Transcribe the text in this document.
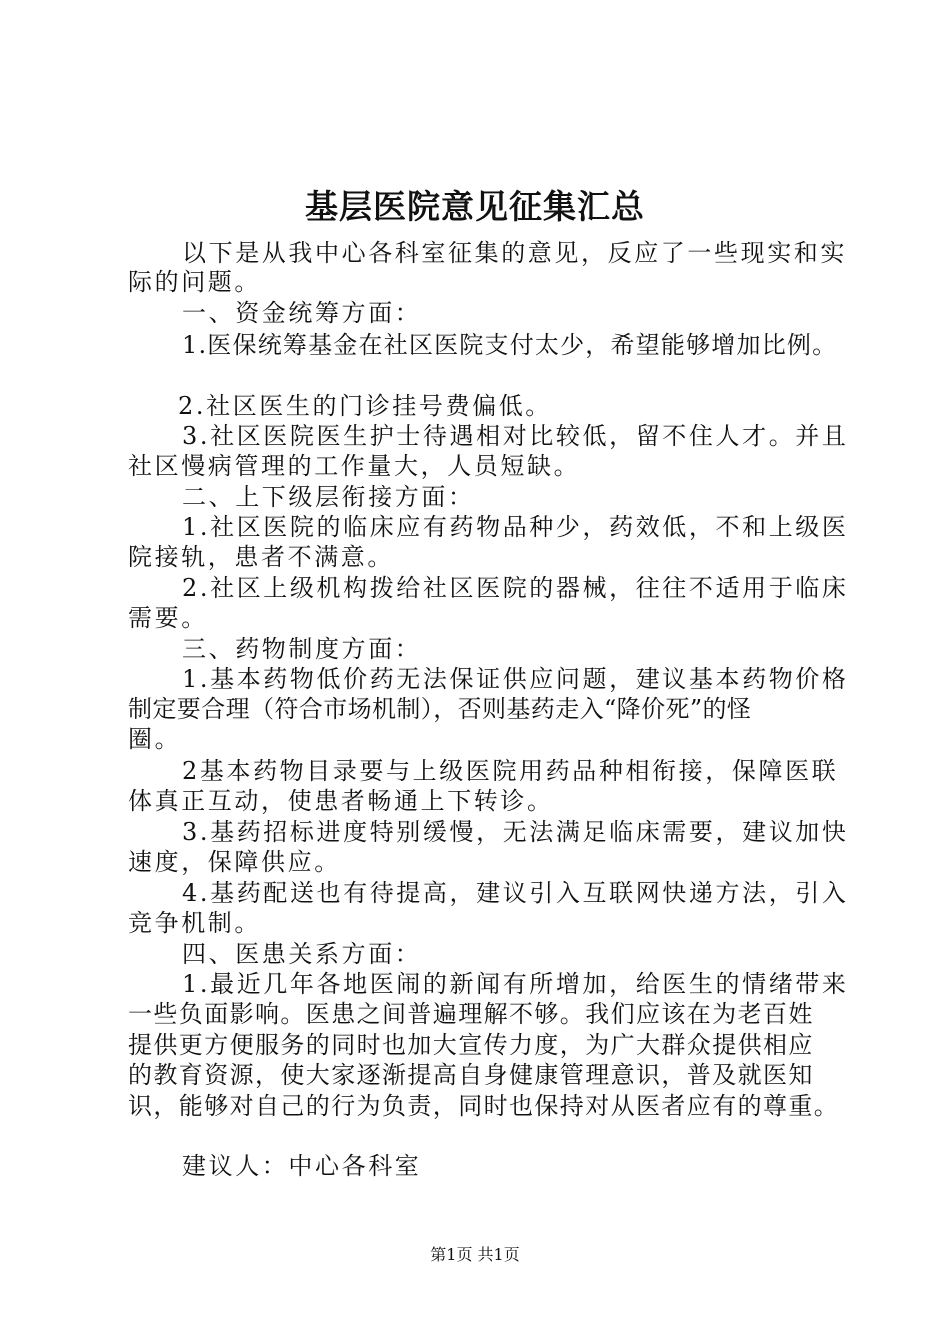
基层医院意见征集汇总
以下是从我中心各科室征集的意见，反应了一些现实和实
际的问题。
一、资金统筹方面：
1.医保统筹基金在社区医院支付太少，希望能够增加比例。
2.社区医生的门诊挂号费偏低。
3.社区医院医生护士待遇相对比较低，留不住人才。并且
社区慢病管理的工作量大，人员短缺。
二、上下级层衔接方面：
1.社区医院的临床应有药物品种少，药效低，不和上级医
院接轨，患者不满意。
2.社区上级机构拨给社区医院的器械，往往不适用于临床
需要。
三、药物制度方面：
1.基本药物低价药无法保证供应问题，建议基本药物价格
制定要合理（符合市场机制），否则基药走入“降价死”的怪
圈。
2基本药物目录要与上级医院用药品种相衔接，保障医联
体真正互动，使患者畅通上下转诊。
3.基药招标进度特别缓慢，无法满足临床需要，建议加快
速度，保障供应。
4.基药配送也有待提高，建议引入互联网快递方法，引入
竞争机制。
四、医患关系方面：
1.最近几年各地医闹的新闻有所增加，给医生的情绪带来
一些负面影响。医患之间普遍理解不够。我们应该在为老百姓
提供更方便服务的同时也加大宣传力度，为广大群众提供相应
的教育资源，使大家逐渐提高自身健康管理意识，普及就医知
识，能够对自己的行为负责，同时也保持对从医者应有的尊重。
建议人：中心各科室
第1页 共1页
